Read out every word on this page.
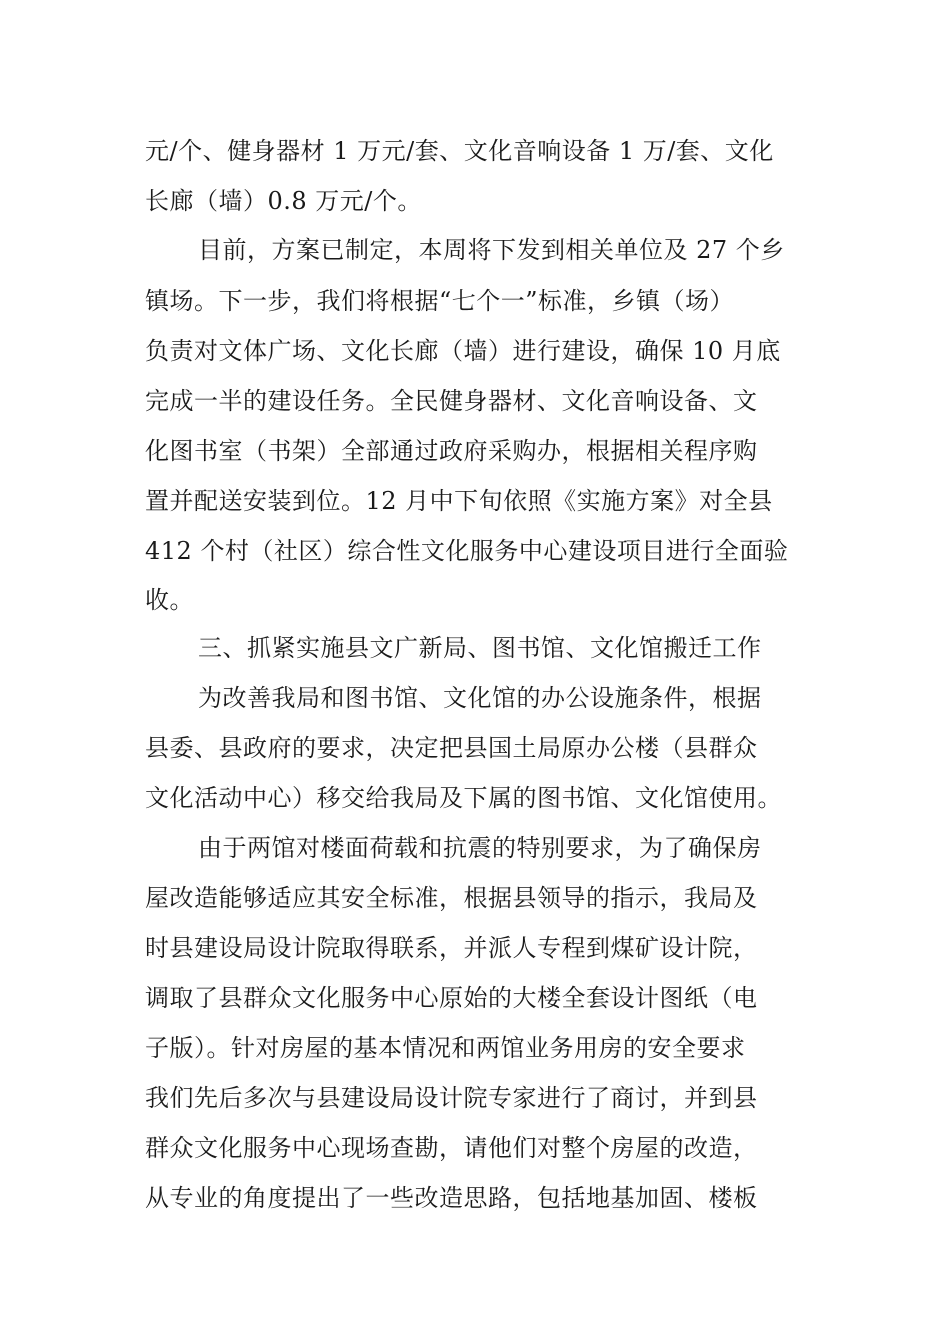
元/个、健身器材 1 万元/套、文化音响设备 1 万/套、文化
长廊（墙）0.8 万元/个。
目前，方案已制定，本周将下发到相关单位及 27 个乡
镇场。下一步，我们将根据“七个一”标准，乡镇（场）
负责对文体广场、文化长廊（墙）进行建设，确保 10 月底
完成一半的建设任务。全民健身器材、文化音响设备、文
化图书室（书架）全部通过政府采购办，根据相关程序购
置并配送安装到位。12 月中下旬依照《实施方案》对全县
412 个村（社区）综合性文化服务中心建设项目进行全面验
收。
三、抓紧实施县文广新局、图书馆、文化馆搬迁工作
为改善我局和图书馆、文化馆的办公设施条件，根据
县委、县政府的要求，决定把县国土局原办公楼（县群众
文化活动中心）移交给我局及下属的图书馆、文化馆使用。
由于两馆对楼面荷载和抗震的特别要求，为了确保房
屋改造能够适应其安全标准，根据县领导的指示，我局及
时县建设局设计院取得联系，并派人专程到煤矿设计院，
调取了县群众文化服务中心原始的大楼全套设计图纸（电
子版）。针对房屋的基本情况和两馆业务用房的安全要求
我们先后多次与县建设局设计院专家进行了商讨，并到县
群众文化服务中心现场查勘，请他们对整个房屋的改造，
从专业的角度提出了一些改造思路，包括地基加固、楼板
